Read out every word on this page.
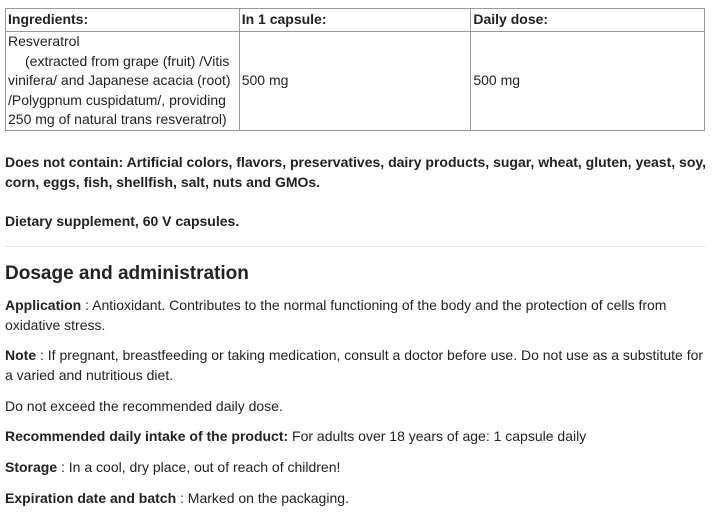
Ingredients:	In 1 capsule:	Daily dose:

Resveratrol
(extracted from grape (fruit) /Vitis
vinifera/ and Japanese acacia (root)
/Polygpnum cuspidatum/, providing
250 mg of natural trans resveratrol)	500 mg	500 mg

Does not contain: Artificial colors, flavors, preservatives, dairy products, sugar, wheat, gluten, yeast, soy, corn, eggs, fish, shellfish, salt, nuts and GMOs.

Dietary supplement, 60 V capsules.

Dosage and administration

Application : Antioxidant. Contributes to the normal functioning of the body and the protection of cells from oxidative stress.

Note : If pregnant, breastfeeding or taking medication, consult a doctor before use. Do not use as a substitute for a varied and nutritious diet.

Do not exceed the recommended daily dose.

Recommended daily intake of the product: For adults over 18 years of age: 1 capsule daily

Storage : In a cool, dry place, out of reach of children!

Expiration date and batch : Marked on the packaging.
